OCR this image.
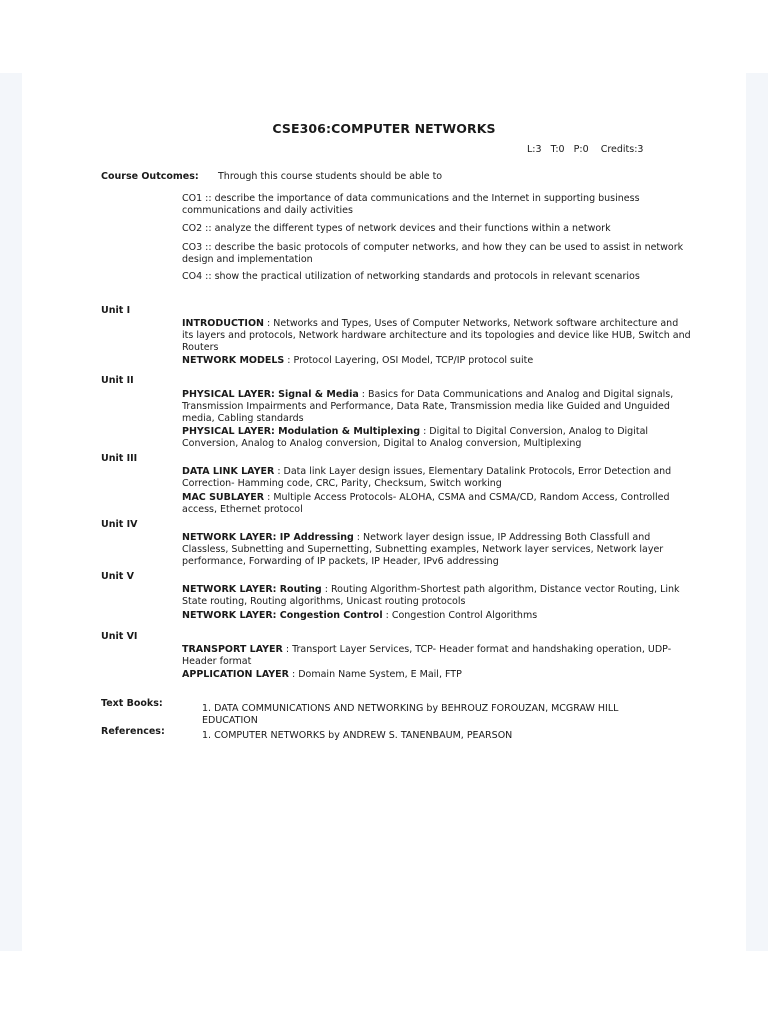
CSE306:COMPUTER NETWORKS
L:3   T:0   P:0    Credits:3
Course Outcomes: Through this course students should be able to
CO1 :: describe the importance of data communications and the Internet in supporting business communications and daily activities
CO2 :: analyze the different types of network devices and their functions within a network
CO3 :: describe the basic protocols of computer networks, and how they can be used to assist in network design and implementation
CO4 :: show the practical utilization of networking standards and protocols in relevant scenarios
Unit I
INTRODUCTION : Networks and Types, Uses of Computer Networks, Network software architecture and its layers and protocols, Network hardware architecture and its topologies and device like HUB, Switch and Routers
NETWORK MODELS : Protocol Layering, OSI Model, TCP/IP protocol suite
Unit II
PHYSICAL LAYER: Signal & Media : Basics for Data Communications and Analog and Digital signals, Transmission Impairments and Performance, Data Rate, Transmission media like Guided and Unguided media, Cabling standards
PHYSICAL LAYER: Modulation & Multiplexing : Digital to Digital Conversion, Analog to Digital Conversion, Analog to Analog conversion, Digital to Analog conversion, Multiplexing
Unit III
DATA LINK LAYER : Data link Layer design issues, Elementary Datalink Protocols, Error Detection and Correction- Hamming code, CRC, Parity, Checksum, Switch working
MAC SUBLAYER : Multiple Access Protocols- ALOHA, CSMA and CSMA/CD, Random Access, Controlled access, Ethernet protocol
Unit IV
NETWORK LAYER: IP Addressing : Network layer design issue, IP Addressing Both Classfull and Classless, Subnetting and Supernetting, Subnetting examples, Network layer services, Network layer performance, Forwarding of IP packets, IP Header, IPv6 addressing
Unit V
NETWORK LAYER: Routing : Routing Algorithm-Shortest path algorithm, Distance vector Routing, Link State routing, Routing algorithms, Unicast routing protocols
NETWORK LAYER: Congestion Control : Congestion Control Algorithms
Unit VI
TRANSPORT LAYER : Transport Layer Services, TCP- Header format and handshaking operation, UDP- Header format
APPLICATION LAYER : Domain Name System, E Mail, FTP
Text Books:	1. DATA COMMUNICATIONS AND NETWORKING by BEHROUZ FOROUZAN, MCGRAW HILL EDUCATION
References:	1. COMPUTER NETWORKS by ANDREW S. TANENBAUM, PEARSON
